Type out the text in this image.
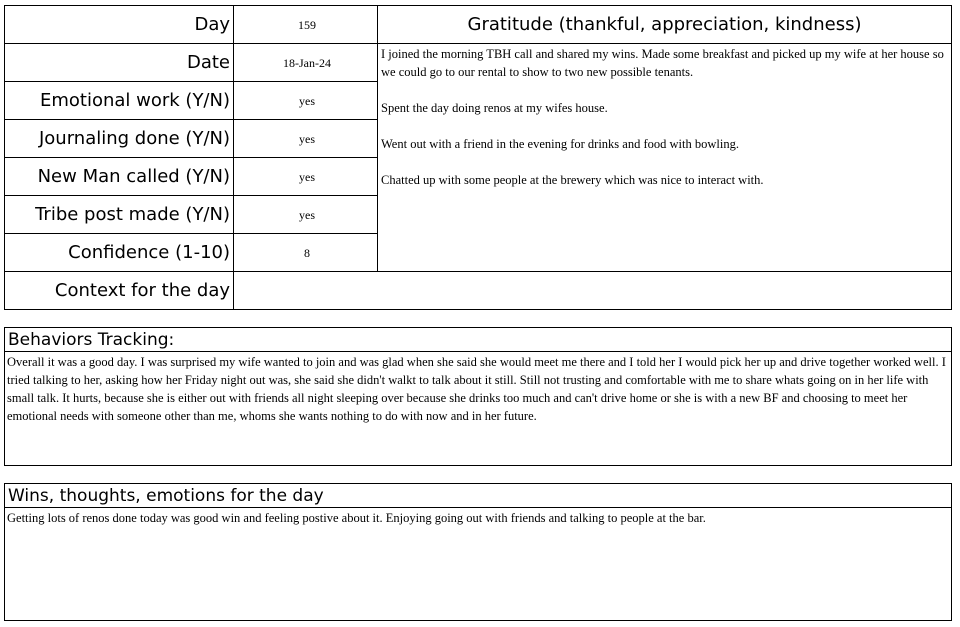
Day	159
Date	18-Jan-24
Emotional work (Y/N)	yes
Journaling done (Y/N)	yes
New Man called (Y/N)	yes
Tribe post made (Y/N)	yes
Confidence (1-10)	8
Context for the day
Gratitude (thankful, appreciation, kindness)
I joined the morning TBH call and shared my wins. Made some breakfast and picked up my wife at her house so we could go to our rental to show to two new possible tenants.
Spent the day doing renos at my wifes house.
Went out with a friend in the evening for drinks and food with bowling.
Chatted up with some people at the brewery which was nice to interact with.
Behaviors Tracking:
Overall it was a good day. I was surprised my wife wanted to join and was glad when she said she would meet me there and I told her I would pick her up and drive together worked well. I tried talking to her, asking how her Friday night out was, she said she didn't walkt to talk about it still. Still not trusting and comfortable with me to share whats going on in her life with small talk. It hurts, because she is either out with friends all night sleeping over because she drinks too much and can't drive home or she is with a new BF and choosing to meet her emotional needs with someone other than me, whoms she wants nothing to do with now and in her future.
Wins, thoughts, emotions for the day
Getting lots of renos done today was good win and feeling postive about it. Enjoying going out with friends and talking to people at the bar.
